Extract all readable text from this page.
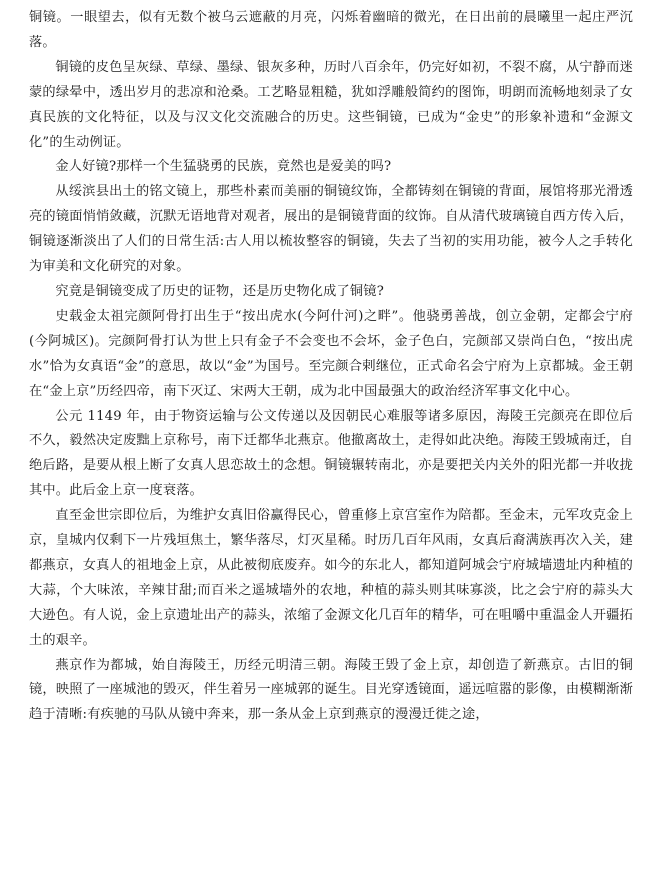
铜镜。一眼望去，似有无数个被乌云遮蔽的月亮，闪烁着幽暗的微光，在日出前的晨曦里一起庄严沉落。

铜镜的皮色呈灰绿、草绿、墨绿、银灰多种，历时八百余年，仍完好如初，不裂不腐，从宁静而迷蒙的绿晕中，透出岁月的悲凉和沧桑。工艺略显粗糙，犹如浮雕般简约的图饰，明朗而流畅地刻录了女真民族的文化特征，以及与汉文化交流融合的历史。这些铜镜，已成为“金史”的形象补遗和“金源文化”的生动例证。

金人好镜?那样一个生猛骁勇的民族，竟然也是爱美的吗?

从绥滨县出土的铭文镜上，那些朴素而美丽的铜镜纹饰，全都铸刻在铜镜的背面，展馆将那光滑透亮的镜面悄悄敛藏，沉默无语地背对观者，展出的是铜镜背面的纹饰。自从清代玻璃镜自西方传入后，铜镜逐渐淡出了人们的日常生活:古人用以梳妆整容的铜镜，失去了当初的实用功能，被今人之手转化为审美和文化研究的对象。

究竟是铜镜变成了历史的证物，还是历史物化成了铜镜?

史载金太祖完颜阿骨打出生于“按出虎水(今阿什河)之畔”。他骁勇善战，创立金朝，定都会宁府(今阿城区)。完颜阿骨打认为世上只有金子不会变也不会坏，金子色白，完颜部又崇尚白色，“按出虎水”恰为女真语“金”的意思，故以“金”为国号。至完颜合剌继位，正式命名会宁府为上京都城。金王朝在“金上京”历经四帝，南下灭辽、宋两大王朝，成为北中国最强大的政治经济军事文化中心。

公元 1149 年，由于物资运输与公文传递以及因朝民心难服等诸多原因，海陵王完颜亮在即位后不久，毅然决定废黜上京称号，南下迁都华北燕京。他撤离故土，走得如此决绝。海陵王毁城南迁，自绝后路，是要从根上断了女真人思恋故土的念想。铜镜辗转南北，亦是要把关内关外的阳光都一并收拢其中。此后金上京一度衰落。

直至金世宗即位后，为维护女真旧俗赢得民心，曾重修上京宫室作为陪都。至金末，元军攻克金上京，皇城内仅剩下一片残垣焦土，繁华落尽，灯灭星稀。时历几百年风雨，女真后裔满族再次入关，建都燕京，女真人的祖地金上京，从此被彻底废弃。如今的东北人，都知道阿城会宁府城墙遗址内种植的大蒜，个大味浓，辛辣甘甜;而百米之遥城墙外的农地，种植的蒜头则其味寡淡，比之会宁府的蒜头大大逊色。有人说，金上京遗址出产的蒜头，浓缩了金源文化几百年的精华，可在咀嚼中重温金人开疆拓土的艰辛。

燕京作为都城，始自海陵王，历经元明清三朝。海陵王毁了金上京，却创造了新燕京。古旧的铜镜，映照了一座城池的毁灭，伴生着另一座城郭的诞生。目光穿透镜面，遥远喧嚣的影像，由模糊渐渐趋于清晰:有疾驰的马队从镜中奔来，那一条从金上京到燕京的漫漫迁徙之途，
